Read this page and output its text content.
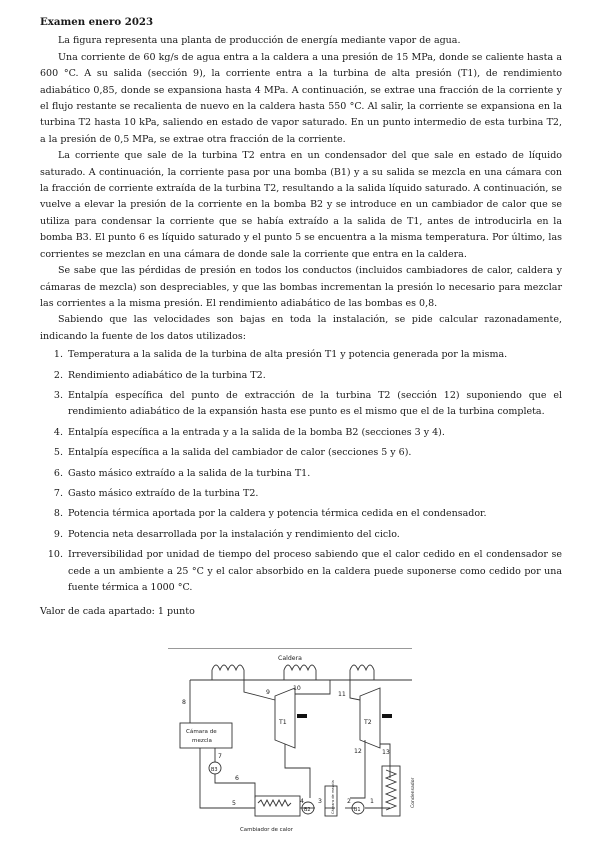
Examen enero 2023

La figura representa una planta de producción de energía mediante vapor de agua.

Una corriente de 60 kg/s de agua entra a la caldera a una presión de 15 MPa, donde se caliente hasta a 600 °C. A su salida (sección 9), la corriente entra a la turbina de alta presión (T1), de rendimiento adiabático 0,85, donde se expansiona hasta 4 MPa. A continuación, se extrae una fracción de la corriente y el flujo restante se recalienta de nuevo en la caldera hasta 550 °C. Al salir, la corriente se expansiona en la turbina T2 hasta 10 kPa, saliendo en estado de vapor saturado. En un punto intermedio de esta turbina T2, a la presión de 0,5 MPa, se extrae otra fracción de la corriente.

La corriente que sale de la turbina T2 entra en un condensador del que sale en estado de líquido saturado. A continuación, la corriente pasa por una bomba (B1) y a su salida se mezcla en una cámara con la fracción de corriente extraída de la turbina T2, resultando a la salida líquido saturado. A continuación, se vuelve a elevar la presión de la corriente en la bomba B2 y se introduce en un cambiador de calor que se utiliza para condensar la corriente que se había extraído a la salida de T1, antes de introducirla en la bomba B3. El punto 6 es líquido saturado y el punto 5 se encuentra a la misma temperatura. Por último, las corrientes se mezclan en una cámara de donde sale la corriente que entra en la caldera.

Se sabe que las pérdidas de presión en todos los conductos (incluidos cambiadores de calor, caldera y cámaras de mezcla) son despreciables, y que las bombas incrementan la presión lo necesario para mezclar las corrientes a la misma presión. El rendimiento adiabático de las bombas es 0,8.

Sabiendo que las velocidades son bajas en toda la instalación, se pide calcular razonadamente, indicando la fuente de los datos utilizados:

1. Temperatura a la salida de la turbina de alta presión T1 y potencia generada por la misma.
2. Rendimiento adiabático de la turbina T2.
3. Entalpía específica del punto de extracción de la turbina T2 (sección 12) suponiendo que el rendimiento adiabático de la expansión hasta ese punto es el mismo que el de la turbina completa.
4. Entalpía específica a la entrada y a la salida de la bomba B2 (secciones 3 y 4).
5. Entalpía específica a la salida del cambiador de calor (secciones 5 y 6).
6. Gasto másico extraído a la salida de la turbina T1.
7. Gasto másico extraído de la turbina T2.
8. Potencia térmica aportada por la caldera y potencia térmica cedida en el condensador.
9. Potencia neta desarrollada por la instalación y rendimiento del ciclo.
10. Irreversibilidad por unidad de tiempo del proceso sabiendo que el calor cedido en el condensador se cede a un ambiente a 25 °C y el calor absorbido en la caldera puede suponerse como cedido por una fuente térmica a 1000 °C.

Valor de cada apartado: 1 punto

Caldera
T1	T2
B1
B2
B3
Cámara de
mezcla
Cámara de mezcla	Condensador
Cambiador de calor
1
2
3
4
5
6
7
8
9
10
11
12	13
